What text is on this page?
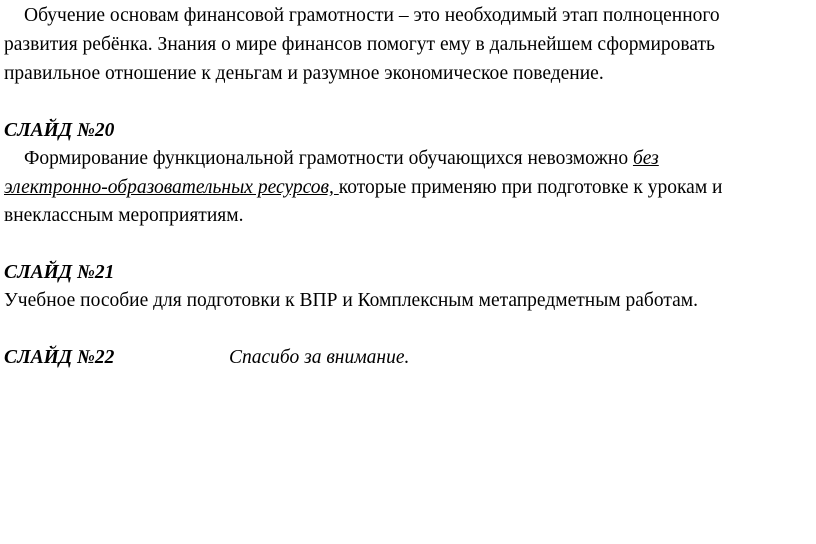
Обучение основам финансовой грамотности – это необходимый этап полноценного
развития ребёнка. Знания о мире финансов помогут ему в дальнейшем сформировать
правильное отношение к деньгам и разумное экономическое поведение.
СЛАЙД №20
Формирование функциональной грамотности обучающихся невозможно без
электронно-образовательных ресурсов, которые применяю при подготовке к урокам и
внеклассным мероприятиям.
СЛАЙД №21
Учебное пособие для подготовки к ВПР и Комплексным метапредметным работам.
СЛАЙД №22	Спасибо за внимание.
